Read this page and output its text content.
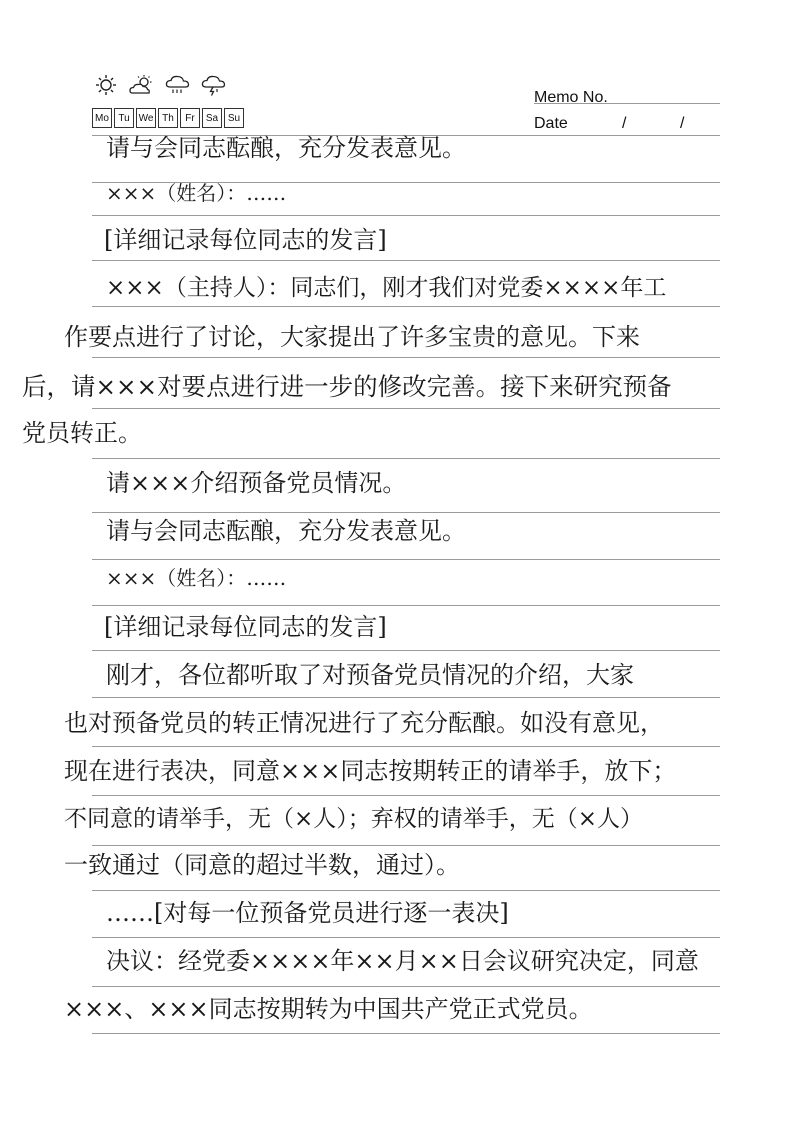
Mo Tu We Th	Fr	Sa Su
Memo No.
Date	/	/
请与会同志酝酿，充分发表意见。
×××（姓名）：……
[详细记录每位同志的发言]
×××（主持人）：同志们，刚才我们对党委××××年工
作要点进行了讨论，大家提出了许多宝贵的意见。下来
后，请×××对要点进行进一步的修改完善。接下来研究预备
党员转正。
请×××介绍预备党员情况。
请与会同志酝酿，充分发表意见。
×××（姓名）：……
[详细记录每位同志的发言]
刚才，各位都听取了对预备党员情况的介绍，大家
也对预备党员的转正情况进行了充分酝酿。如没有意见，
现在进行表决，同意×××同志按期转正的请举手，放下；
不同意的请举手，无（×人）；弃权的请举手，无（×人）
一致通过（同意的超过半数，通过）。
……[对每一位预备党员进行逐一表决]
决议：经党委××××年××月××日会议研究决定，同意
×××、×××同志按期转为中国共产党正式党员。
